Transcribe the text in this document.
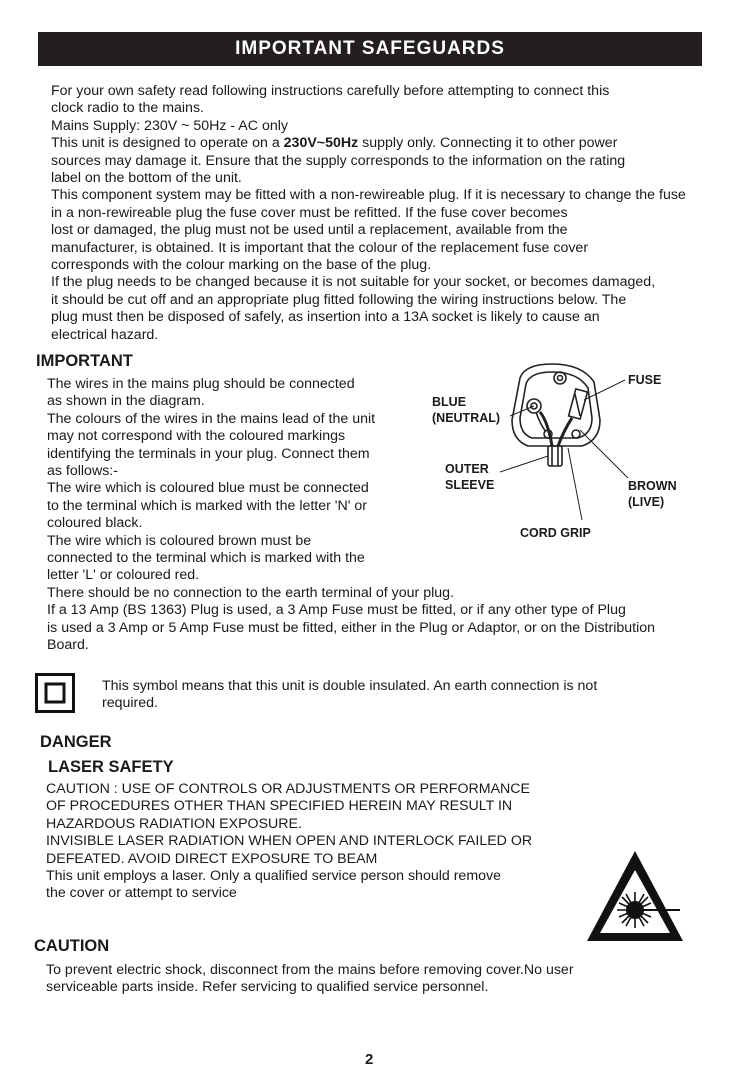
IMPORTANT SAFEGUARDS
For your own safety read following instructions carefully before attempting to connect this
clock radio to the mains.
Mains Supply: 230V ~ 50Hz - AC only
This unit is designed to operate on a 230V~50Hz supply only. Connecting it to other power
sources may damage it. Ensure that the supply corresponds to the information on the rating
label on the bottom of the unit.
This component system may be fitted with a non-rewireable plug. If it is necessary to change the fuse
in a non-rewireable plug the fuse cover must be refitted. If the fuse cover becomes
lost or damaged, the plug must not be used until a replacement, available from the
manufacturer, is obtained. It is important that the colour of the replacement fuse cover
corresponds with the colour marking on the base of the plug.
If the plug needs to be changed because it is not suitable for your socket, or becomes damaged,
it should be cut off and an appropriate plug fitted following the wiring instructions below. The
plug must then be disposed of safely, as insertion into a 13A socket is likely to cause an
electrical hazard.
IMPORTANT
The wires in the mains plug should be connected
as shown in the diagram.
The colours of the wires in the mains lead of the unit
may not correspond with the coloured markings
identifying the terminals in your plug. Connect them
as follows:-
The wire which is coloured blue must be connected
to the terminal which is marked with the letter 'N' or
coloured black.
The wire which is coloured brown must be
connected to the terminal which is marked with the
letter 'L' or coloured red.
There should be no connection to the earth terminal of your plug.
If a 13 Amp (BS 1363) Plug is used, a 3 Amp Fuse must be fitted, or if any other type of Plug
is used a 3 Amp or 5 Amp Fuse must be fitted, either in the Plug or Adaptor, or on the Distribution
Board.
FUSE
BLUE
(NEUTRAL)
OUTER
SLEEVE	BROWN
(LIVE)
CORD GRIP
This symbol means that this unit is double insulated. An earth connection is not
required.
DANGER
LASER SAFETY
CAUTION : USE OF CONTROLS OR ADJUSTMENTS OR PERFORMANCE
OF PROCEDURES OTHER THAN SPECIFIED HEREIN MAY RESULT IN
HAZARDOUS RADIATION EXPOSURE.
INVISIBLE LASER RADIATION WHEN OPEN AND INTERLOCK FAILED OR
DEFEATED. AVOID DIRECT EXPOSURE TO BEAM
This unit employs a laser. Only a qualified service person should remove
the cover or attempt to service
CAUTION
To prevent electric shock, disconnect from the mains before removing cover.No user
serviceable parts inside. Refer servicing to qualified service personnel.
2
